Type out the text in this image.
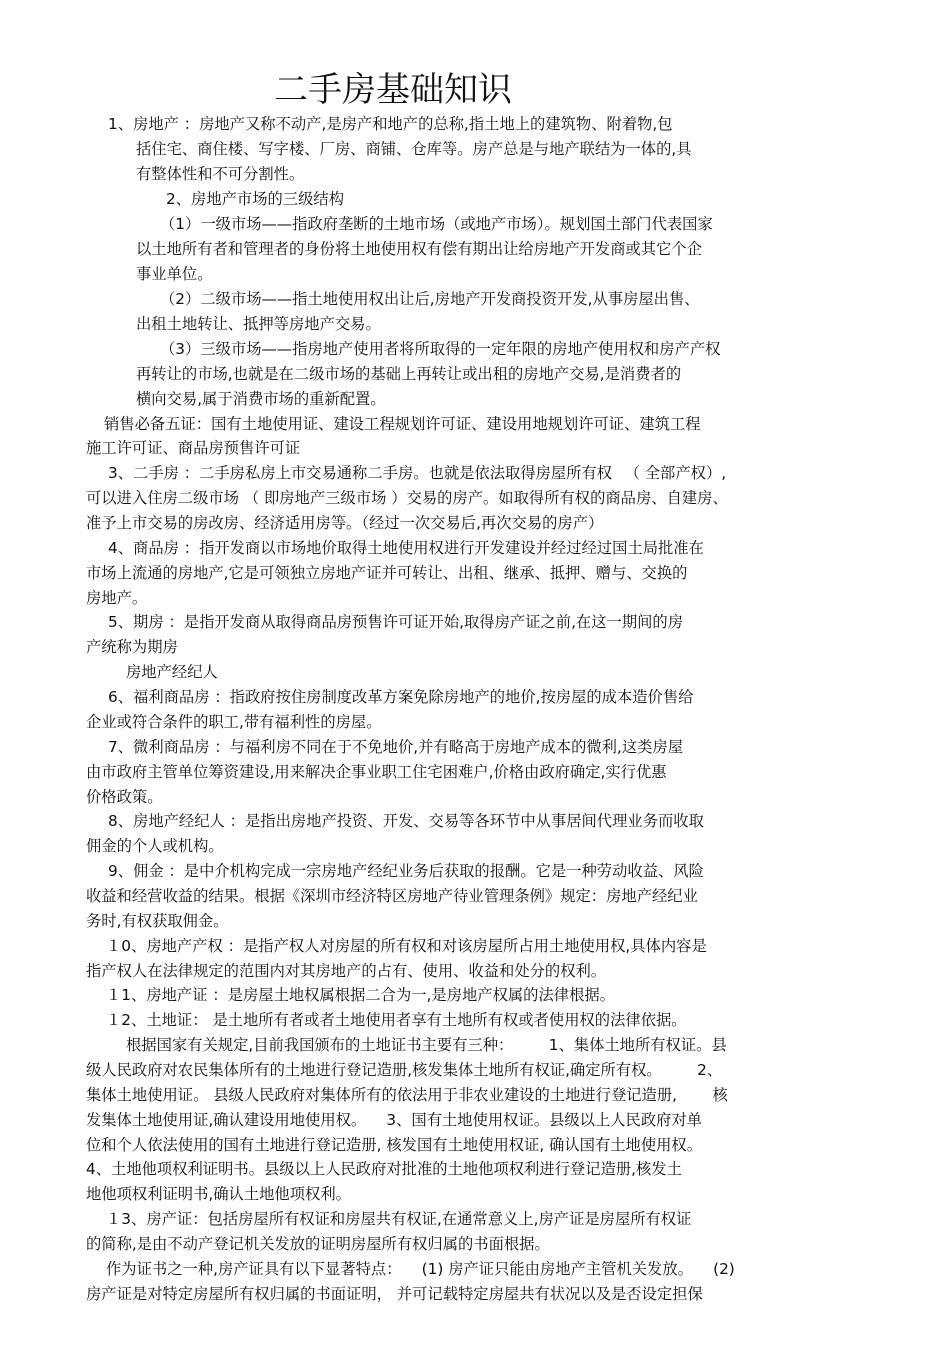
二手房基础知识

1、房地产 ：房地产又称不动产,是房产和地产的总称,指土地上的建筑物、附着物,包

括住宅、商住楼、写字楼、厂房、商铺、仓库等。房产总是与地产联结为一体的,具

有整体性和不可分割性。

2、房地产市场的三级结构

（1）一级市场——指政府垄断的土地市场（或地产市场）。规划国土部门代表国家

以土地所有者和管理者的身份将土地使用权有偿有期出让给房地产开发商或其它个企

事业单位。

（2）二级市场——指土地使用权出让后,房地产开发商投资开发,从事房屋出售、

出租土地转让、抵押等房地产交易。

（3）三级市场——指房地产使用者将所取得的一定年限的房地产使用权和房产产权

再转让的市场,也就是在二级市场的基础上再转让或出租的房地产交易,是消费者的

横向交易,属于消费市场的重新配置。

销售必备五证：国有土地使用证、建设工程规划许可证、建设用地规划许可证、建筑工程

施工许可证、商品房预售许可证

3、二手房 ：二手房私房上市交易通称二手房。也就是依法取得房屋所有权 　（ 全部产权）,

可以进入住房二级市场 （ 即房地产三级市场 ）交易的房产。如取得所有权的商品房、自建房、

准予上市交易的房改房、经济适用房等。（经过一次交易后,再次交易的房产）

4、商品房 ：指开发商以市场地价取得土地使用权进行开发建设并经过经过国土局批准在

市场上流通的房地产,它是可领独立房地产证并可转让、出租、继承、抵押、赠与、交换的

房地产。

5、期房 ：是指开发商从取得商品房预售许可证开始,取得房产证之前,在这一期间的房

产统称为期房

房地产经纪人

6、福利商品房 ：指政府按住房制度改革方案免除房地产的地价,按房屋的成本造价售给

企业或符合条件的职工,带有福利性的房屋。

7、微利商品房 ：与福利房不同在于不免地价,并有略高于房地产成本的微利,这类房屋

由市政府主管单位筹资建设,用来解决企事业职工住宅困难户,价格由政府确定,实行优惠

价格政策。

8、房地产经纪人 ：是指出房地产投资、开发、交易等各环节中从事居间代理业务而收取

佣金的个人或机构。

9、佣金 ：是中介机构完成一宗房地产经纪业务后获取的报酬。它是一种劳动收益、风险

收益和经营收益的结果。根据《深圳市经济特区房地产待业管理条例》规定：房地产经纪业

务时,有权获取佣金。

１0、房地产产权 ：是指产权人对房屋的所有权和对该房屋所占用土地使用权,具体内容是

指产权人在法律规定的范围内对其房地产的占有、使用、收益和处分的权利。

１1、房地产证 ：是房屋土地权属根据二合为一,是房地产权属的法律根据。

１2、土地证： 是土地所有者或者土地使用者享有土地所有权或者使用权的法律依据。

根据国家有关规定,目前我国颁布的土地证书主要有三种： 　　1、集体土地所有权证。县

级人民政府对农民集体所有的土地进行登记造册,核发集体土地所有权证,确定所有权。 　　2、

集体土地使用证。 县级人民政府对集体所有的依法用于非农业建设的土地进行登记造册, 　　核

发集体土地使用证,确认建设用地使用权。 　3、国有土地使用权证。县级以上人民政府对单

位和个人依法使用的国有土地进行登记造册, 核发国有土地使用权证, 确认国有土地使用权。

4、土地他项权利证明书。县级以上人民政府对批准的土地他项权利进行登记造册,核发土

地他项权利证明书,确认土地他项权利。

１3、房产证：包括房屋所有权证和房屋共有权证,在通常意义上,房产证是房屋所有权证

的简称,是由不动产登记机关发放的证明房屋所有权归属的书面根据。

作为证书之一种,房产证具有以下显著特点： 　(1) 房产证只能由房地产主管机关发放。 　(2)

房产证是对特定房屋所有权归属的书面证明， 并可记载特定房屋共有状况以及是否设定担保
